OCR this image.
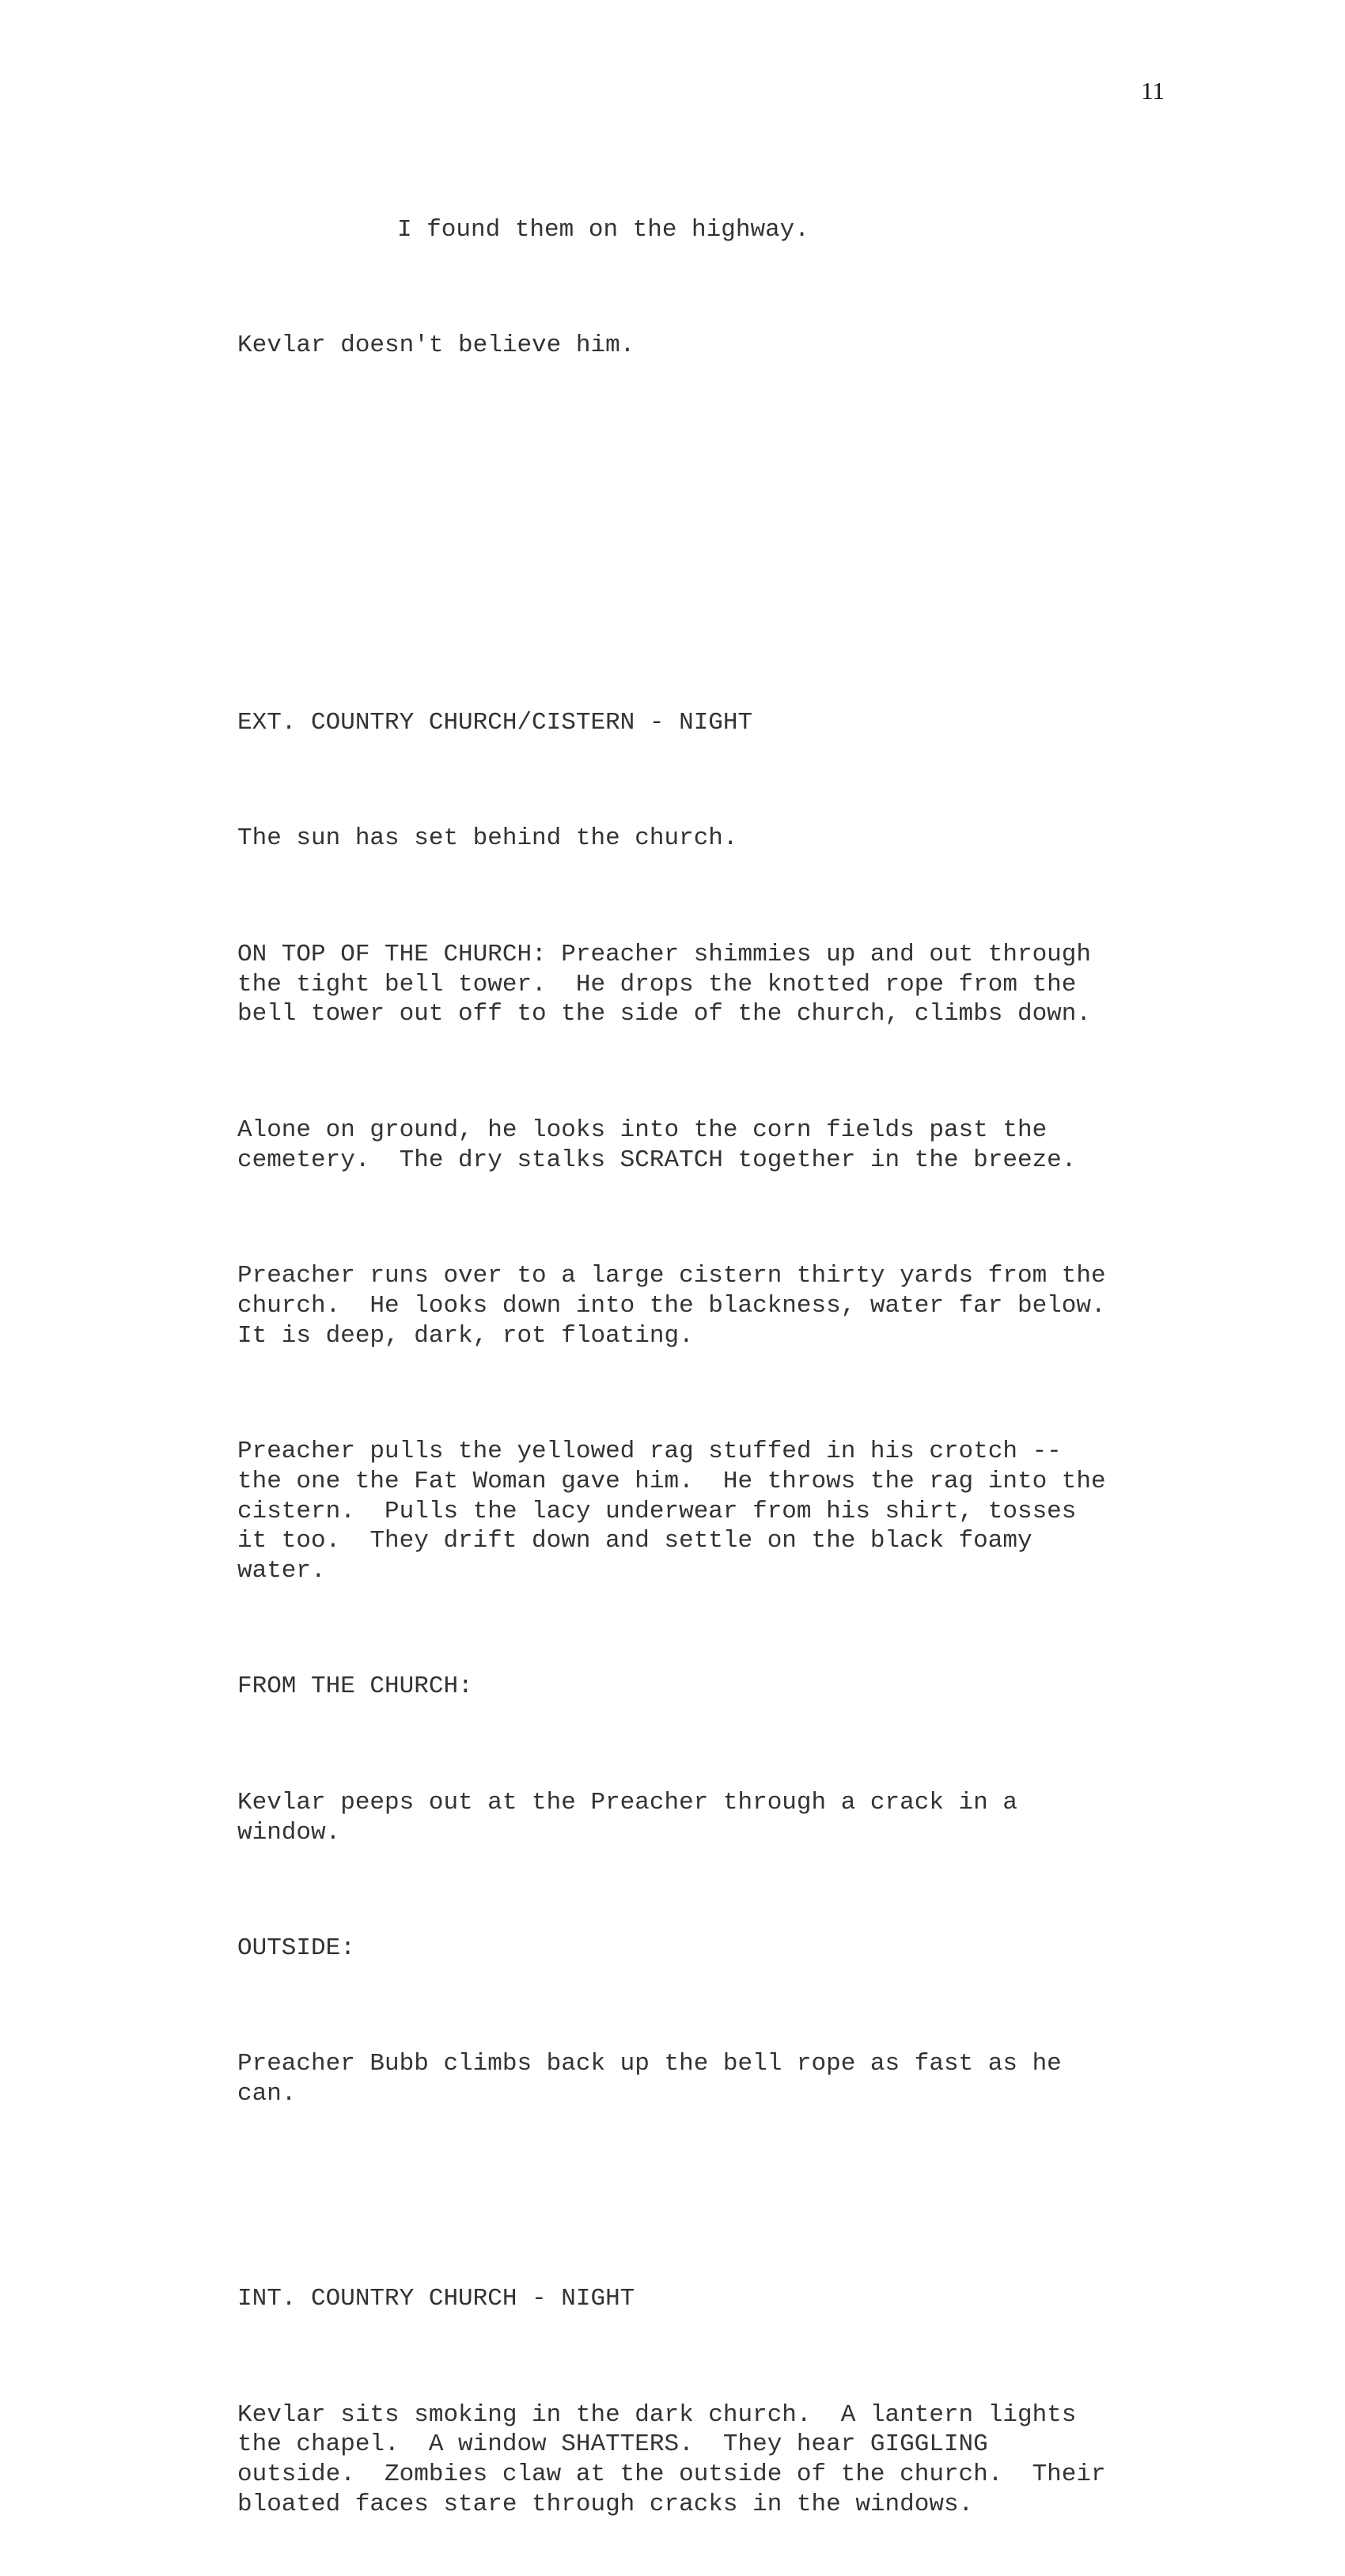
11

I found them on the highway.

Kevlar doesn't believe him.

EXT. COUNTRY CHURCH/CISTERN - NIGHT

The sun has set behind the church.

ON TOP OF THE CHURCH: Preacher shimmies up and out through
the tight bell tower.  He drops the knotted rope from the
bell tower out off to the side of the church, climbs down.

Alone on ground, he looks into the corn fields past the
cemetery.  The dry stalks SCRATCH together in the breeze.

Preacher runs over to a large cistern thirty yards from the
church.  He looks down into the blackness, water far below.
It is deep, dark, rot floating.

Preacher pulls the yellowed rag stuffed in his crotch --
the one the Fat Woman gave him.  He throws the rag into the
cistern.  Pulls the lacy underwear from his shirt, tosses
it too.  They drift down and settle on the black foamy
water.

FROM THE CHURCH:

Kevlar peeps out at the Preacher through a crack in a
window.

OUTSIDE:

Preacher Bubb climbs back up the bell rope as fast as he
can.

INT. COUNTRY CHURCH - NIGHT

Kevlar sits smoking in the dark church.  A lantern lights
the chapel.  A window SHATTERS.  They hear GIGGLING
outside.  Zombies claw at the outside of the church.  Their
bloated faces stare through cracks in the windows.
